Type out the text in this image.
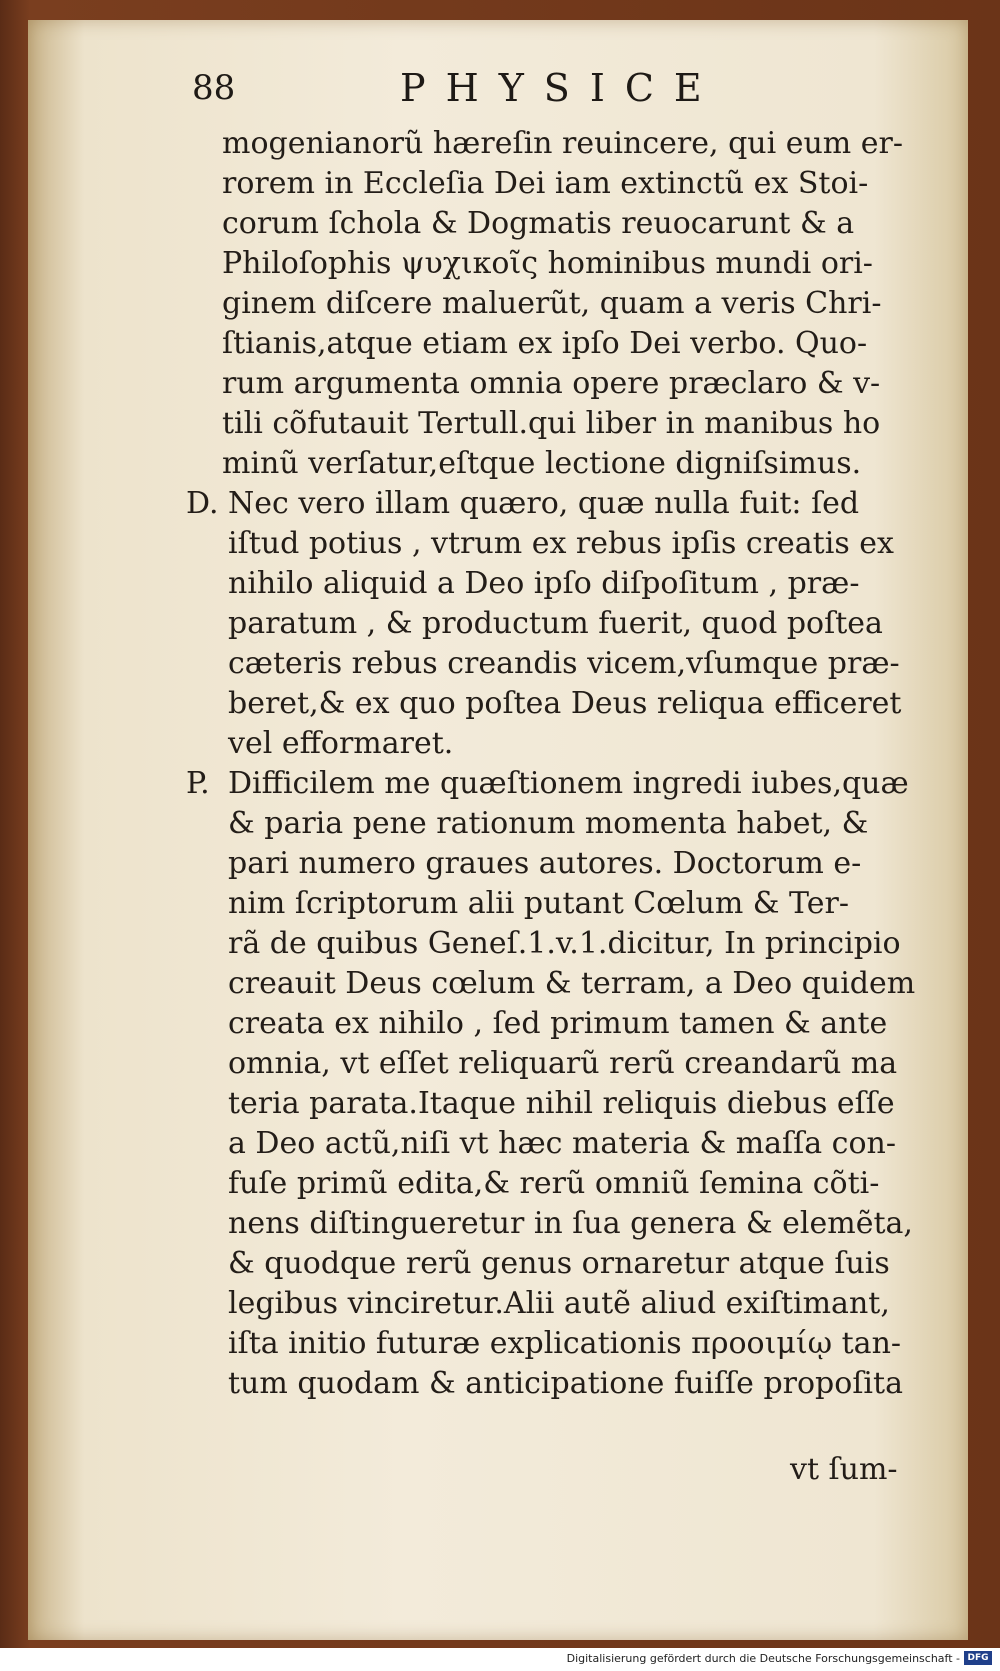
88	PHYSICE
mogenianorũ hæreſin reuincere, qui eum er-
rorem in Eccleſia Dei iam extinctũ ex Stoi-
corum ſchola & Dogmatis reuocarunt & a
Philoſophis ψυχικοῖς hominibus mundi ori-
ginem diſcere maluerũt, quam a veris Chri-
ſtianis,atque etiam ex ipſo Dei verbo. Quo-
rum argumenta omnia opere præclaro & v-
tili cõfutauit Tertull.qui liber in manibus ho
minũ verſatur,eſtque lectione digniſsimus.
D. Nec vero illam quæro, quæ nulla fuit: ſed
iſtud potius , vtrum ex rebus ipſis creatis ex
nihilo aliquid a Deo ipſo diſpoſitum , præ-
paratum , & productum fuerit, quod poſtea
cæteris rebus creandis vicem,vſumque præ-
beret,& ex quo poſtea Deus reliqua efficeret
vel efformaret.
P. Difficilem me quæſtionem ingredi iubes,quæ
& paria pene rationum momenta habet, &
pari numero graues autores. Doctorum e-
nim ſcriptorum alii putant Cœlum & Ter-
rã de quibus Geneſ.1.v.1.dicitur, In principio
creauit Deus cœlum & terram, a Deo quidem
creata ex nihilo , ſed primum tamen & ante
omnia, vt eſſet reliquarũ rerũ creandarũ ma
teria parata.Itaque nihil reliquis diebus eſſe
a Deo actũ,niſi vt hæc materia & maſſa con-
fuſe primũ edita,& rerũ omniũ ſemina cõti-
nens diſtingueretur in ſua genera & elemẽta,
& quodque rerũ genus ornaretur atque ſuis
legibus vinciretur.Alii autẽ aliud exiſtimant,
iſta initio futuræ explicationis προοιμίῳ tan-
tum quodam & anticipatione fuiſſe propoſita
vt ſum-
Digitalisierung gefördert durch die Deutsche Forschungsgemeinschaft - DFG
